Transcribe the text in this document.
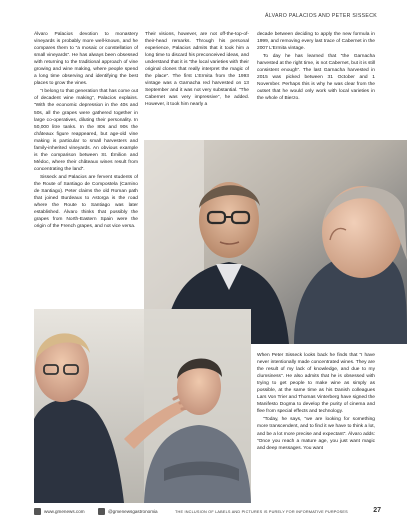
ÁLVARO PALACIOS AND PETER SISSECK

Álvaro Palacios devotion to monastery vineyards is probably more well-known, and he compares them to “a mosaic or constellation of small vineyards”. He has always been obsessed with returning to the traditional approach of vine growing and wine making, where people spend a long time observing and identifying the best places to grow the vines.

“I belong to that generation that has come out of decadent wine making”, Palacios explains. “With the economic depression in the 40s and 50s, all the grapes were gathered together in large co-operatives, diluting their personality. In 50,000 litre tanks. In the 80s and 90s the châteaux figure reappeared, but age-old vine making is particular to small harvesters and family-inherited vineyards. An obvious example is the comparison between St. Émilion and Médoc, where their châteaux wines result from concentrating the land”.

Sisseck and Palacios are fervent students of the Route of Santiago de Compostela (Camino de Santiago). Peter claims the old Roman path that joined Burdeaux to Astorga is the road where the Route to Santiago was later established. Álvaro thinks that possibly the grapes from North-Eastern Spain were the origin of the French grapes, and not vice versa.

Their visions, however, are not off-the-top-of-their-head remarks. Through his personal experience, Palacios admits that it took him a long time to discard his preconceived ideas, and understand that it is “the local varieties with their original clones that really interpret the magic of the place”. The first L’Ermita from the 1993 vintage was a Garnacha red harvested on 13 September and it was not very substantial. “The Cabernet was very impressive”, he added. However, it took him nearly a

decade between deciding to apply the new formula in 1999, and removing every last trace of Cabernet in the 2007 L’Ermita vintage.

To day he has learned that “the Garnacha harvested at the right time, is not Cabernet, but it is still consistent enough”. The last Garnacha harvested in 2015 was picked between 31 October and 1 November. Perhaps this is why he was clear from the outset that he would only work with local varieties in the whole of Bierzo.

When Peter Sisseck looks back he finds that “I have never intentionally made concentrated wines. They are the result of my lack of knowledge, and due to my clumsiness”. He also admits that he is obsessed with trying to get people to make wine as simply as possible, at the same time as his Danish colleagues Lars Von Trier and Thomas Vinterberg have signed the Manifesto Dogma to develop the purity of cinema and flee from special effects and technology.

“Today, he says, “we are looking for something more transcendent, and to find it we have to think a lot, and be a lot more precise and expectant”. Álvaro adds: “Once you reach a mature age, you just want magic and deep messages. You want

www.gmenews.com	@gmenewsgastronomia	THE INCLUSION OF LABELS AND PICTURES IS PURELY FOR INFORMATIVE PURPOSES	27
